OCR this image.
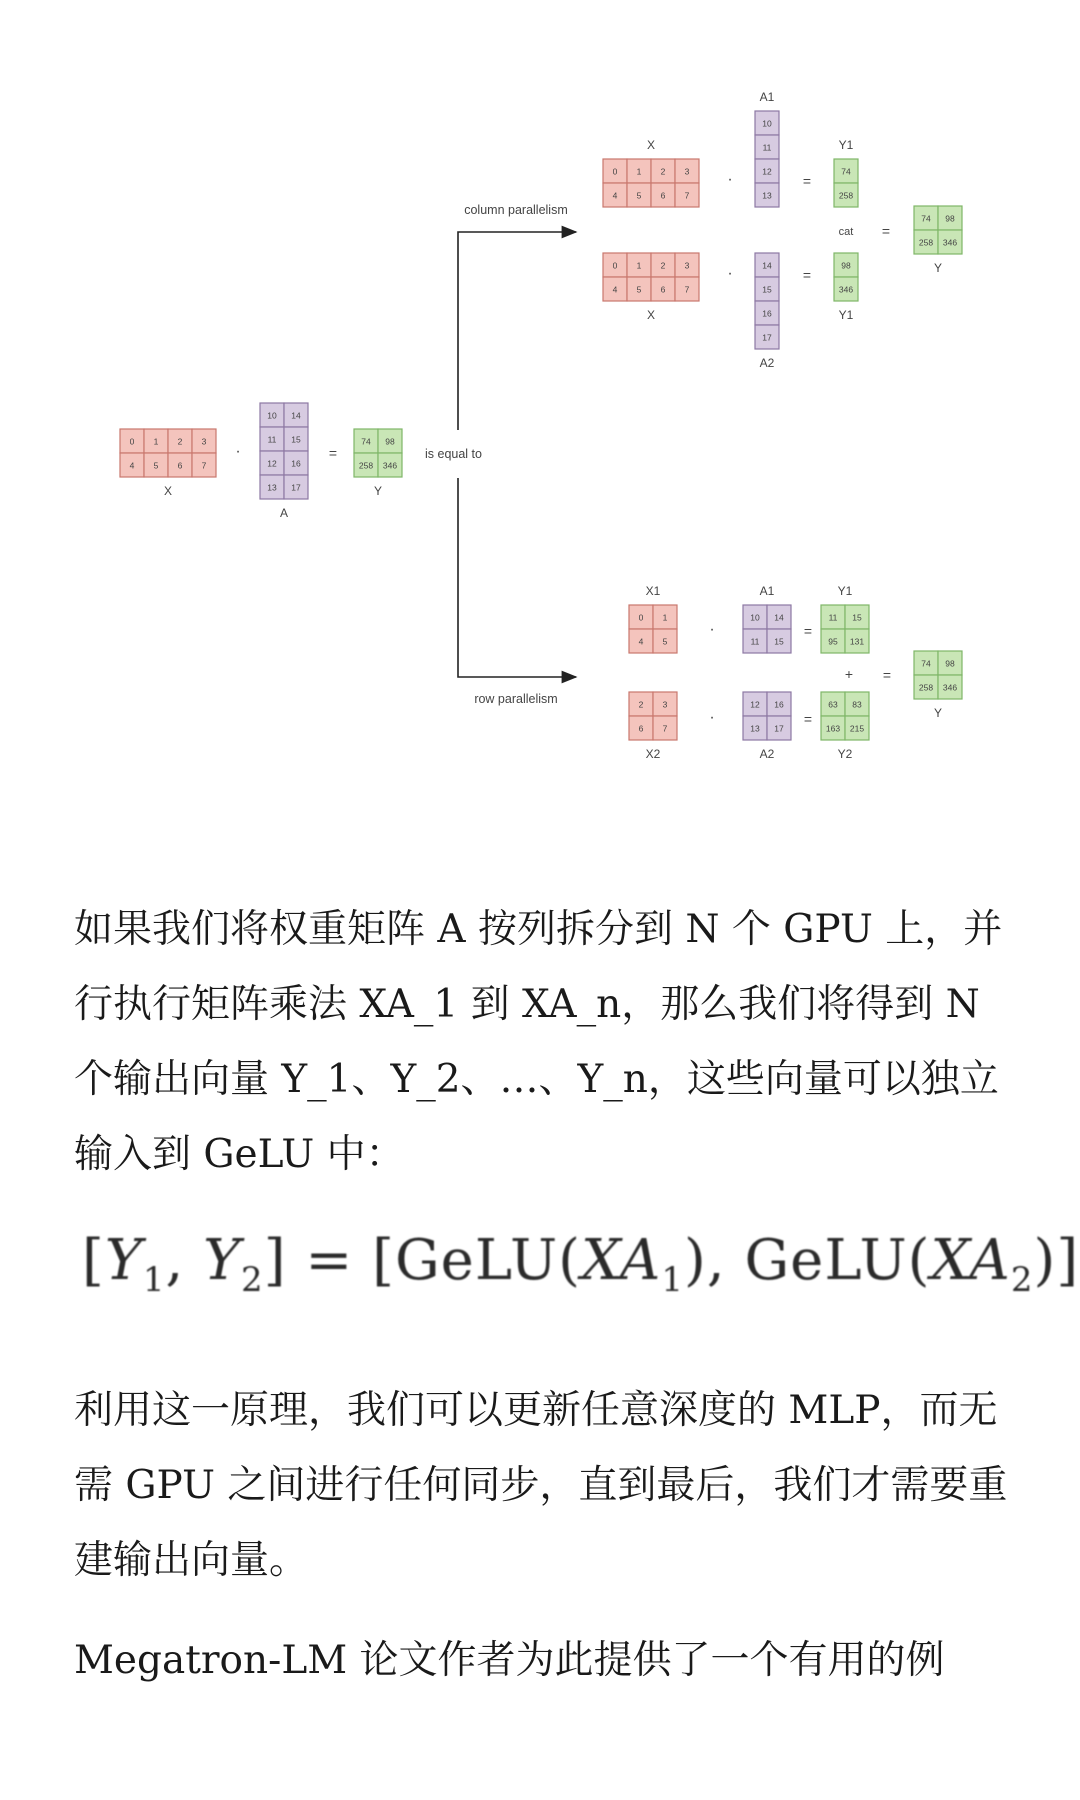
0 1 2 3
4 5 6 7
X
10 14
11 15
12 16
13 17
A
74 98
258 346
Y
0 1 2 3
4 5 6 7
X
10
11
12
13
A1
74
258
Y1
0 1 2 3
4 5 6 7
X
14
15
16
17
A2
98
346
Y1
74 98
258 346
Y
0 1
4 5
X1
10 14
11 15
A1
11 15
95 131
Y1
2 3
6 7
X2
12 16
13 17
A2
63 83
163 215
Y2
74 98
258 346
Y
column parallelism
row parallelism
is equal to
·	=
·	=
·	=
cat =
·	=
·	=
+ =

如果我们将权重矩阵 A 按列拆分到 N 个 GPU 上，并行执行矩阵乘法 XA_1 到 XA_n，那么我们将得到 N 个输出向量 Y_1、Y_2、…、Y_n，这些向量可以独立输入到 GeLU 中：

[$Y_1$, $Y_2$] = [$GeLU(XA_1)$, $GeLU(XA_2)$]

利用这一原理，我们可以更新任意深度的 MLP，而无需 GPU 之间进行任何同步，直到最后，我们才需要重建输出向量。

Megatron-LM 论文作者为此提供了一个有用的例
